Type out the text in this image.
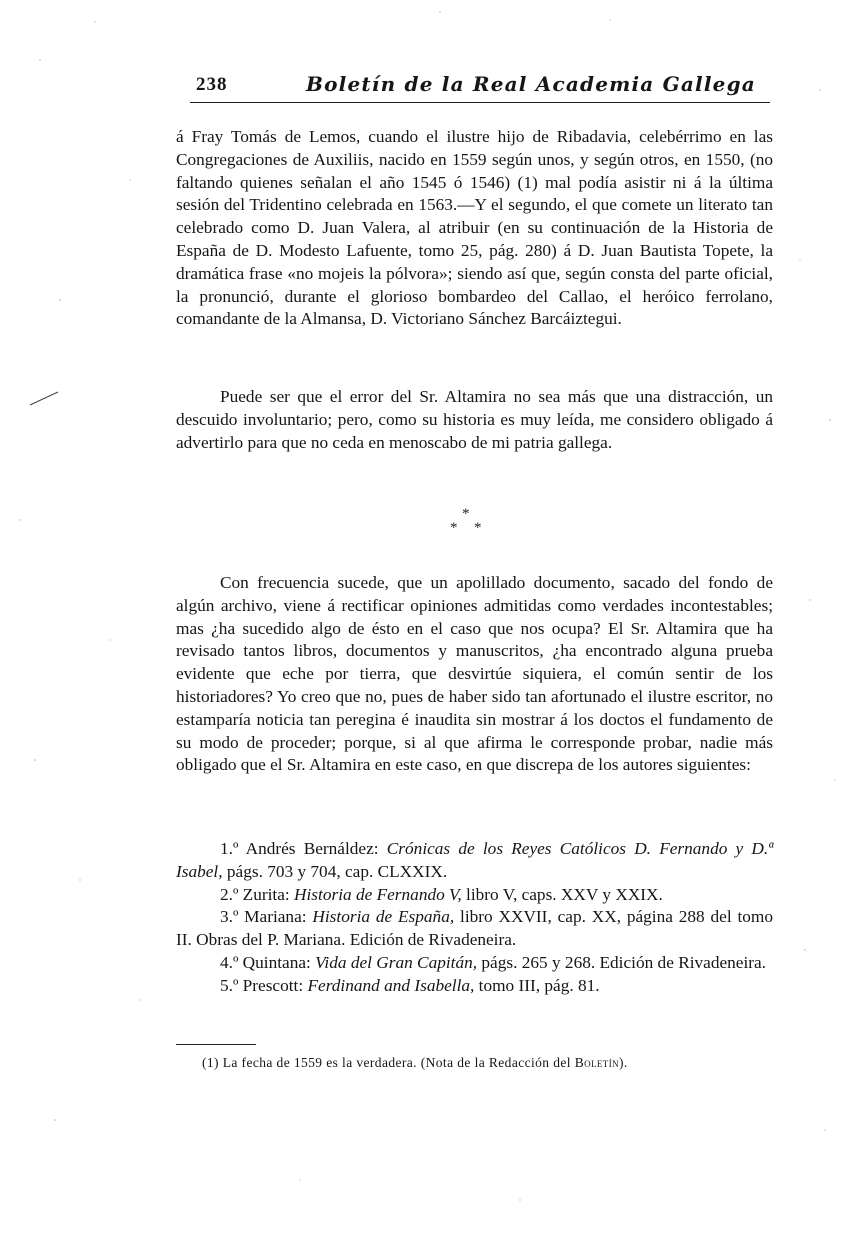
238	Boletín de la Real Academia Gallega

á Fray Tomás de Lemos, cuando el ilustre hijo de Ribadavia, celebérrimo en las Congregaciones de Auxiliis, nacido en 1559 según unos, y según otros, en 1550, (no faltando quienes señalan el año 1545 ó 1546) (1) mal podía asistir ni á la última sesión del Tridentino celebrada en 1563.—Y el segundo, el que comete un literato tan celebrado como D. Juan Valera, al atribuir (en su continuación de la Historia de España de D. Modesto Lafuente, tomo 25, pág. 280) á D. Juan Bautista Topete, la dramática frase «no mojeis la pólvora»; siendo así que, según consta del parte oficial, la pronunció, durante el glorioso bombardeo del Callao, el heróico ferrolano, comandante de la Almansa, D. Victoriano Sánchez Barcáiztegui.

Puede ser que el error del Sr. Altamira no sea más que una distracción, un descuido involuntario; pero, como su historia es muy leída, me considero obligado á advertirlo para que no ceda en menoscabo de mi patria gallega.

*
* *

Con frecuencia sucede, que un apolillado documento, sacado del fondo de algún archivo, viene á rectificar opiniones admitidas como verdades incontestables; mas ¿ha sucedido algo de ésto en el caso que nos ocupa? El Sr. Altamira que ha revisado tantos libros, documentos y manuscritos, ¿ha encontrado alguna prueba evidente que eche por tierra, que desvirtúe siquiera, el común sentir de los historiadores? Yo creo que no, pues de haber sido tan afortunado el ilustre escritor, no estamparía noticia tan peregina é inaudita sin mostrar á los doctos el fundamento de su modo de proceder; porque, si al que afirma le corresponde probar, nadie más obligado que el Sr. Altamira en este caso, en que discrepa de los autores siguientes:

1.º Andrés Bernáldez: Crónicas de los Reyes Católicos D. Fernando y D.ª Isabel, págs. 703 y 704, cap. CLXXIX.

2.º Zurita: Historia de Fernando V, libro V, caps. XXV y XXIX.

3.º Mariana: Historia de España, libro XXVII, cap. XX, página 288 del tomo II. Obras del P. Mariana. Edición de Rivadeneira.

4.º Quintana: Vida del Gran Capitán, págs. 265 y 268. Edición de Rivadeneira.

5.º Prescott: Ferdinand and Isabella, tomo III, pág. 81.

(1) La fecha de 1559 es la verdadera. (Nota de la Redacción del Boletín).
